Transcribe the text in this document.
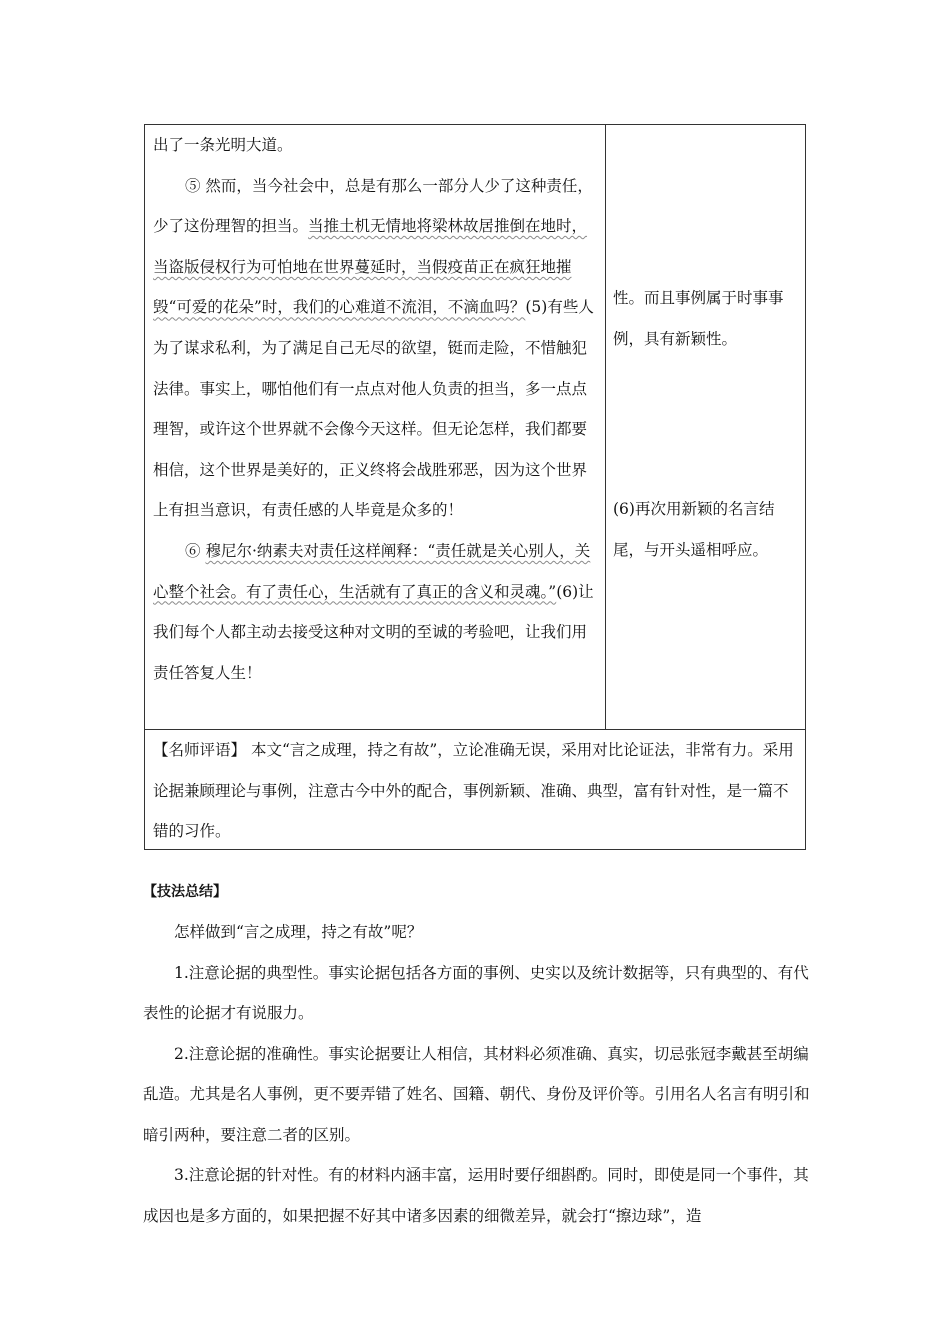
出了一条光明大道。

⑤ 然而，当今社会中，总是有那么一部分人少了这种责任，少了这份理智的担当。当推土机无情地将梁林故居推倒在地时，当盗版侵权行为可怕地在世界蔓延时，当假疫苗正在疯狂地摧毁“可爱的花朵”时，我们的心难道不流泪，不滴血吗？(5)有些人为了谋求私利，为了满足自己无尽的欲望，铤而走险，不惜触犯法律。事实上，哪怕他们有一点点对他人负责的担当，多一点点理智，或许这个世界就不会像今天这样。但无论怎样，我们都要相信，这个世界是美好的，正义终将会战胜邪恶，因为这个世界上有担当意识，有责任感的人毕竟是众多的！

⑥ 穆尼尔·纳素夫对责任这样阐释：“责任就是关心别人，关心整个社会。有了责任心，生活就有了真正的含义和灵魂。”(6)让我们每个人都主动去接受这种对文明的至诚的考验吧，让我们用责任答复人生！

性。而且事例属于时事事例，具有新颖性。

(6)再次用新颖的名言结尾，与开头遥相呼应。

【名师评语】 本文“言之成理，持之有故”，立论准确无误，采用对比论证法，非常有力。采用论据兼顾理论与事例，注意古今中外的配合，事例新颖、准确、典型，富有针对性，是一篇不错的习作。

【技法总结】

怎样做到“言之成理，持之有故”呢？

1.注意论据的典型性。事实论据包括各方面的事例、史实以及统计数据等，只有典型的、有代表性的论据才有说服力。

2.注意论据的准确性。事实论据要让人相信，其材料必须准确、真实，切忌张冠李戴甚至胡编乱造。尤其是名人事例，更不要弄错了姓名、国籍、朝代、身份及评价等。引用名人名言有明引和暗引两种，要注意二者的区别。

3.注意论据的针对性。有的材料内涵丰富，运用时要仔细斟酌。同时，即使是同一个事件，其成因也是多方面的，如果把握不好其中诸多因素的细微差异，就会打“擦边球”，造
